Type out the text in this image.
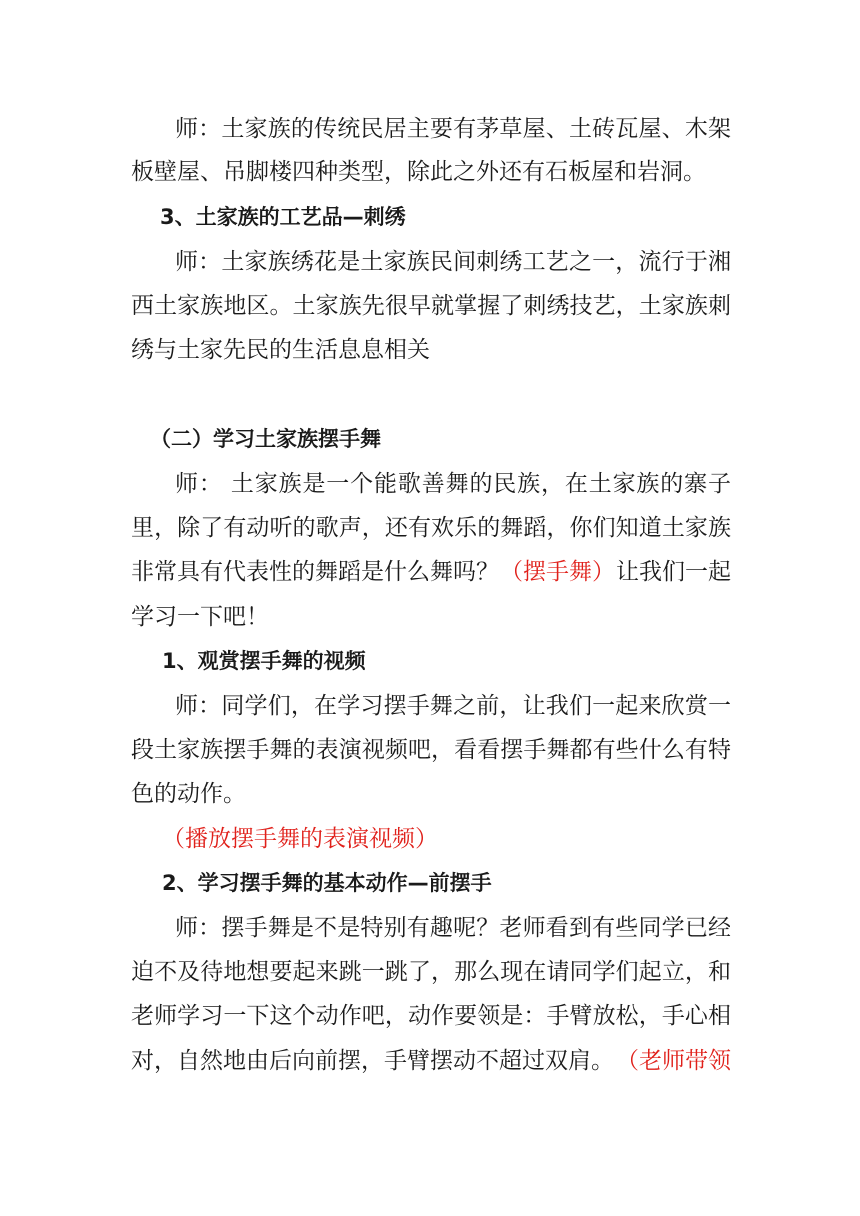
师：土家族的传统民居主要有茅草屋、土砖瓦屋、木架
板壁屋、吊脚楼四种类型，除此之外还有石板屋和岩洞。
3、土家族的工艺品—刺绣
师：土家族绣花是土家族民间刺绣工艺之一，流行于湘
西土家族地区。土家族先很早就掌握了刺绣技艺，土家族刺
绣与土家先民的生活息息相关
（二）学习土家族摆手舞
师： 土家族是一个能歌善舞的民族，在土家族的寨子
里，除了有动听的歌声，还有欢乐的舞蹈，你们知道土家族
非常具有代表性的舞蹈是什么舞吗？ （摆手舞） 让我们一起
学习一下吧！
1、观赏摆手舞的视频
师：同学们，在学习摆手舞之前，让我们一起来欣赏一
段土家族摆手舞的表演视频吧，看看摆手舞都有些什么有特
色的动作。
（播放摆手舞的表演视频）
2、学习摆手舞的基本动作—前摆手
师：摆手舞是不是特别有趣呢？老师看到有些同学已经
迫不及待地想要起来跳一跳了，那么现在请同学们起立，和
老师学习一下这个动作吧，动作要领是：手臂放松，手心相
对，自然地由后向前摆，手臂摆动不超过双肩。 （老师带领
